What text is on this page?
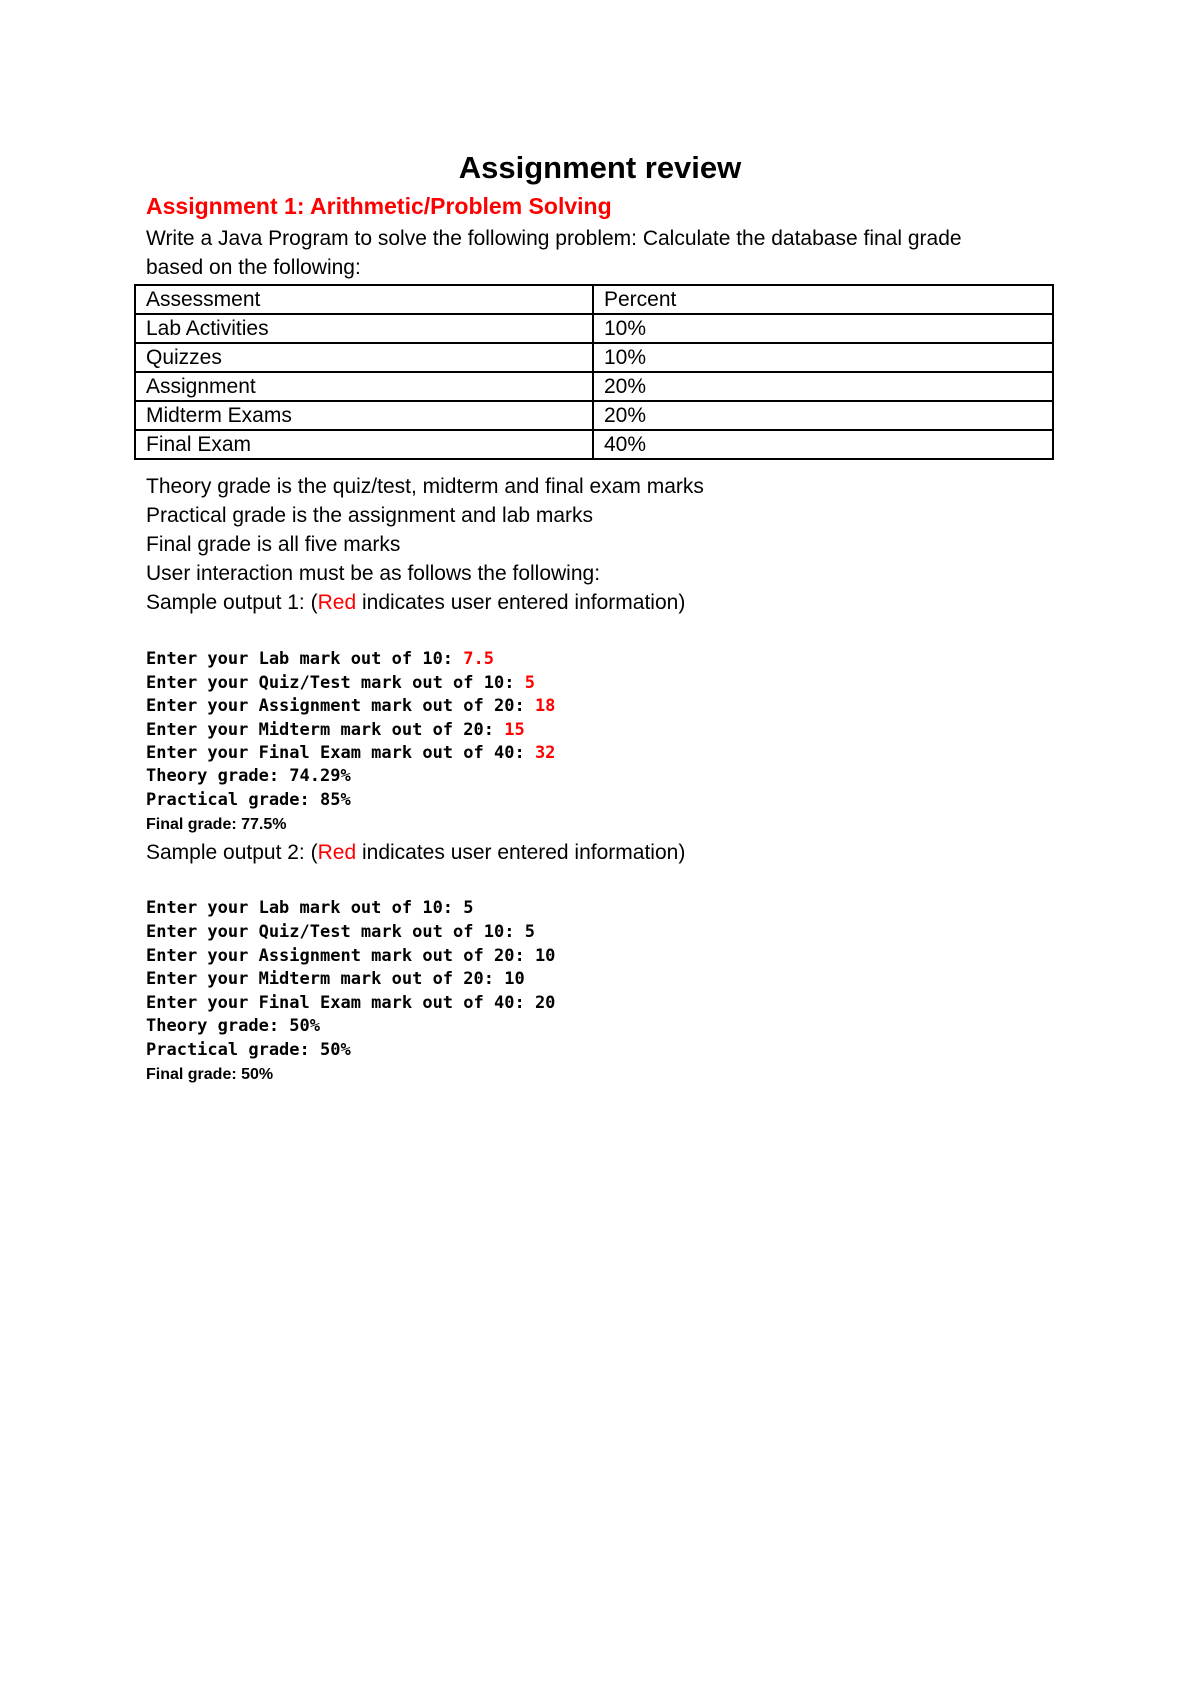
Assignment review
Assignment 1: Arithmetic/Problem Solving
Write a Java Program to solve the following problem: Calculate the database final grade
based on the following:
Assessment	Percent
Lab Activities	10%
Quizzes	10%
Assignment	20%
Midterm Exams	20%
Final Exam	40%
Theory grade is the quiz/test, midterm and final exam marks
Practical grade is the assignment and lab marks
Final grade is all five marks
User interaction must be as follows the following:
Sample output 1: (Red indicates user entered information)
Enter your Lab mark out of 10: 7.5
Enter your Quiz/Test mark out of 10: 5
Enter your Assignment mark out of 20: 18
Enter your Midterm mark out of 20: 15
Enter your Final Exam mark out of 40: 32
Theory grade: 74.29%
Practical grade: 85%
Final grade: 77.5%
Sample output 2: (Red indicates user entered information)
Enter your Lab mark out of 10: 5
Enter your Quiz/Test mark out of 10: 5
Enter your Assignment mark out of 20: 10
Enter your Midterm mark out of 20: 10
Enter your Final Exam mark out of 40: 20
Theory grade: 50%
Practical grade: 50%
Final grade: 50%
